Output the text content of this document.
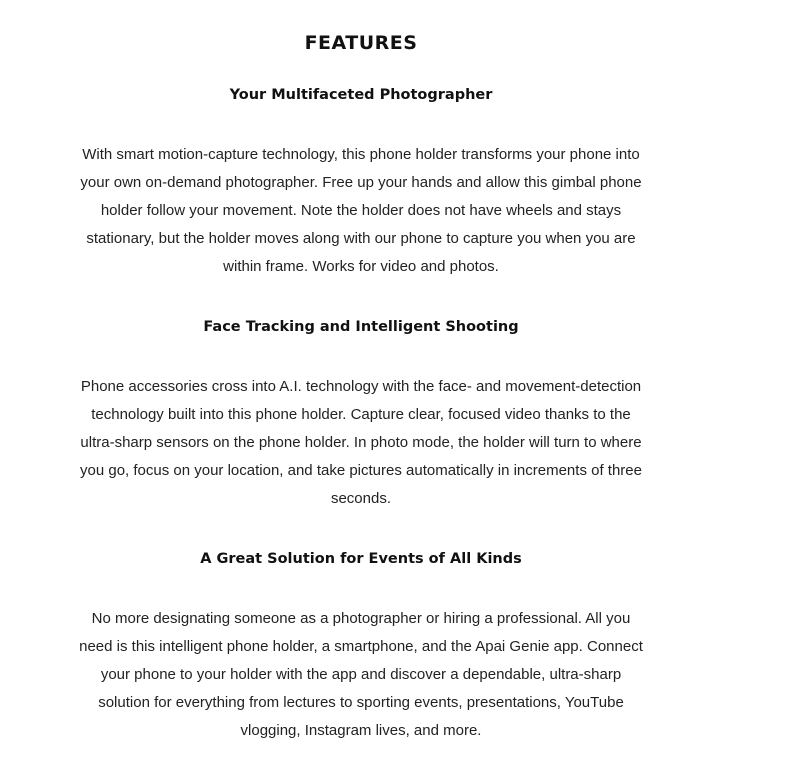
FEATURES
Your Multifaceted Photographer

With smart motion-capture technology, this phone holder transforms your phone into your own on-demand photographer. Free up your hands and allow this gimbal phone holder follow your movement. Note the holder does not have wheels and stays stationary, but the holder moves along with our phone to capture you when you are within frame. Works for video and photos.

Face Tracking and Intelligent Shooting

Phone accessories cross into A.I. technology with the face- and movement-detection technology built into this phone holder. Capture clear, focused video thanks to the ultra-sharp sensors on the phone holder. In photo mode, the holder will turn to where you go, focus on your location, and take pictures automatically in increments of three seconds.

A Great Solution for Events of All Kinds

No more designating someone as a photographer or hiring a professional. All you need is this intelligent phone holder, a smartphone, and the Apai Genie app. Connect your phone to your holder with the app and discover a dependable, ultra-sharp solution for everything from lectures to sporting events, presentations, YouTube vlogging, Instagram lives, and more.
